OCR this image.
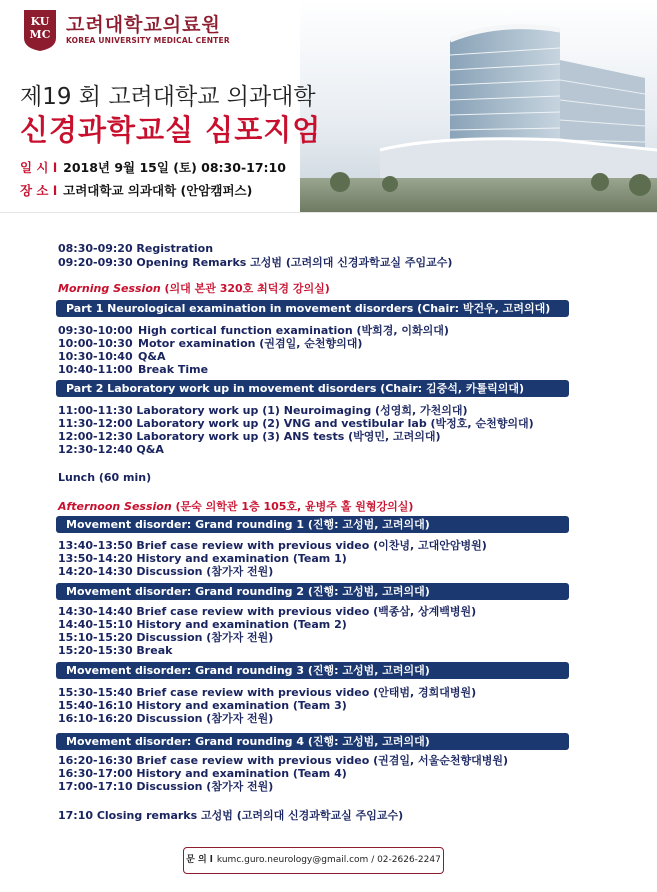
KU
MC 고려대학교의료원
KOREA UNIVERSITY MEDICAL CENTER
제19 회 고려대학교 의과대학
신경과학교실 심포지엄
일 시 l 2018년 9월 15일 (토) 08:30-17:10
장 소 l 고려대학교 의과대학 (안암캠퍼스)
08:30-09:20 Registration
09:20-09:30 Opening Remarks 고성범 (고려의대 신경과학교실 주임교수)
Morning Session (의대 본관 320호 최덕경 강의실)
Part 1 Neurological examination in movement disorders (Chair: 박건우, 고려의대)
09:30-10:00 High cortical function examination (박희경, 이화의대)
10:00-10:30 Motor examination (권겸일, 순천향의대)
10:30-10:40 Q&A
10:40-11:00 Break Time
Part 2 Laboratory work up in movement disorders (Chair: 김중석, 카톨릭의대)
11:00-11:30 Laboratory work up (1) Neuroimaging (성영희, 가천의대)
11:30-12:00 Laboratory work up (2) VNG and vestibular lab (박정호, 순천향의대)
12:00-12:30 Laboratory work up (3) ANS tests (박영민, 고려의대)
12:30-12:40 Q&A
Lunch (60 min)
Afternoon Session (문숙 의학관 1층 105호, 윤병주 홀 원형강의실)
Movement disorder: Grand rounding 1 (진행: 고성범, 고려의대)
13:40-13:50 Brief case review with previous video (이찬녕, 고대안암병원)
13:50-14:20 History and examination (Team 1)
14:20-14:30 Discussion (참가자 전원)
Movement disorder: Grand rounding 2 (진행: 고성범, 고려의대)
14:30-14:40 Brief case review with previous video (백종삼, 상계백병원)
14:40-15:10 History and examination (Team 2)
15:10-15:20 Discussion (참가자 전원)
15:20-15:30 Break
Movement disorder: Grand rounding 3 (진행: 고성범, 고려의대)
15:30-15:40 Brief case review with previous video (안태범, 경희대병원)
15:40-16:10 History and examination (Team 3)
16:10-16:20 Discussion (참가자 전원)
Movement disorder: Grand rounding 4 (진행: 고성범, 고려의대)
16:20-16:30 Brief case review with previous video (권겸일, 서울순천향대병원)
16:30-17:00 History and examination (Team 4)
17:00-17:10 Discussion (참가자 전원)
17:10 Closing remarks 고성범 (고려의대 신경과학교실 주임교수)
문 의 l kumc.guro.neurology@gmail.com / 02-2626-2247
